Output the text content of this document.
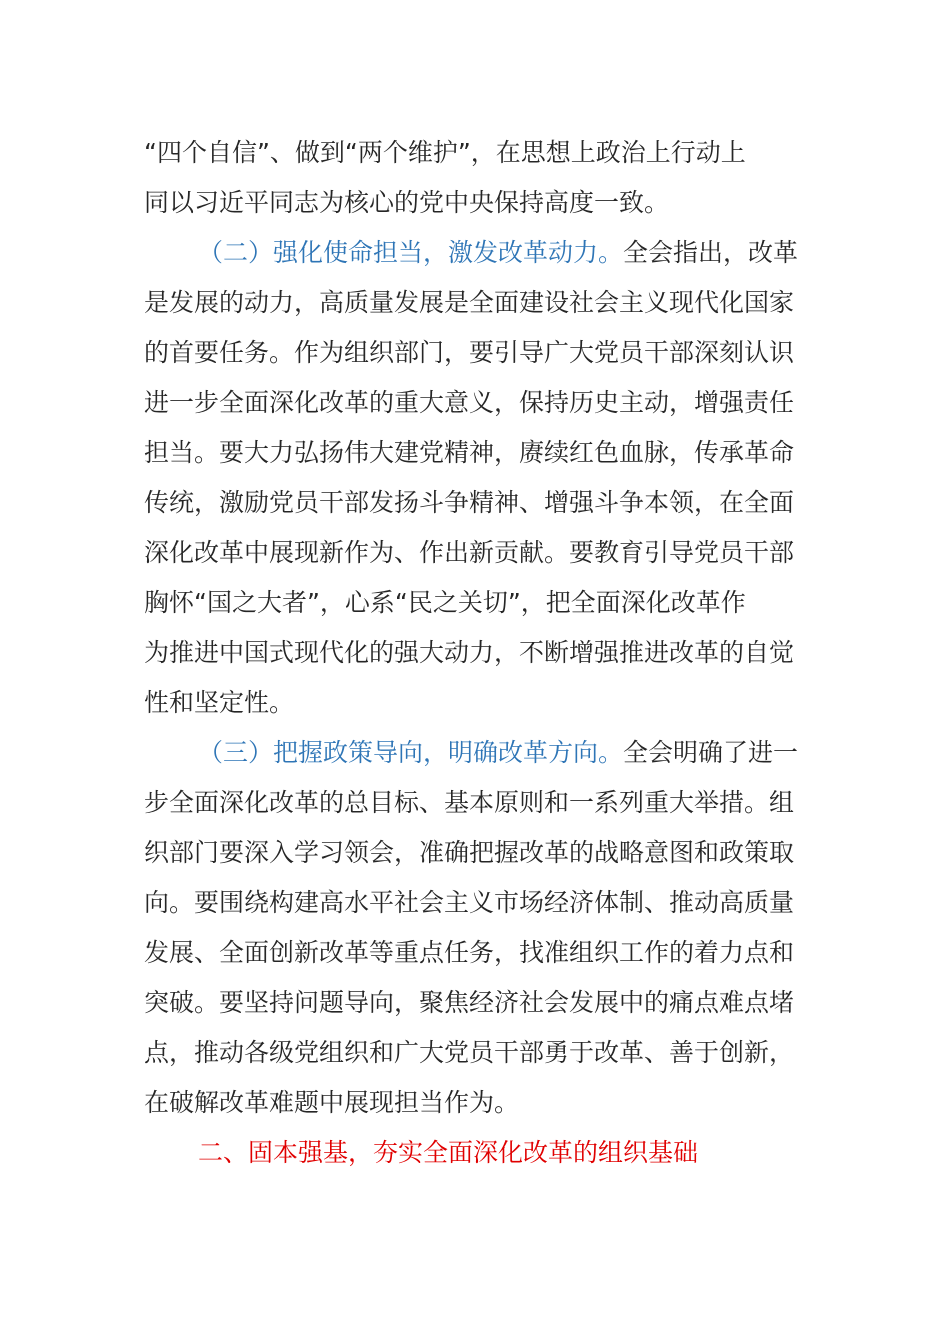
“四个自信”、做到“两个维护”，在思想上政治上行动上
同以习近平同志为核心的党中央保持高度一致。
（二）强化使命担当，激发改革动力。全会指出，改革
是发展的动力，高质量发展是全面建设社会主义现代化国家
的首要任务。作为组织部门，要引导广大党员干部深刻认识
进一步全面深化改革的重大意义，保持历史主动，增强责任
担当。要大力弘扬伟大建党精神，赓续红色血脉，传承革命
传统，激励党员干部发扬斗争精神、增强斗争本领，在全面
深化改革中展现新作为、作出新贡献。要教育引导党员干部
胸怀“国之大者”，心系“民之关切”，把全面深化改革作
为推进中国式现代化的强大动力，不断增强推进改革的自觉
性和坚定性。
（三）把握政策导向，明确改革方向。全会明确了进一
步全面深化改革的总目标、基本原则和一系列重大举措。组
织部门要深入学习领会，准确把握改革的战略意图和政策取
向。要围绕构建高水平社会主义市场经济体制、推动高质量
发展、全面创新改革等重点任务，找准组织工作的着力点和
突破。要坚持问题导向，聚焦经济社会发展中的痛点难点堵
点，推动各级党组织和广大党员干部勇于改革、善于创新，
在破解改革难题中展现担当作为。
二、固本强基，夯实全面深化改革的组织基础
